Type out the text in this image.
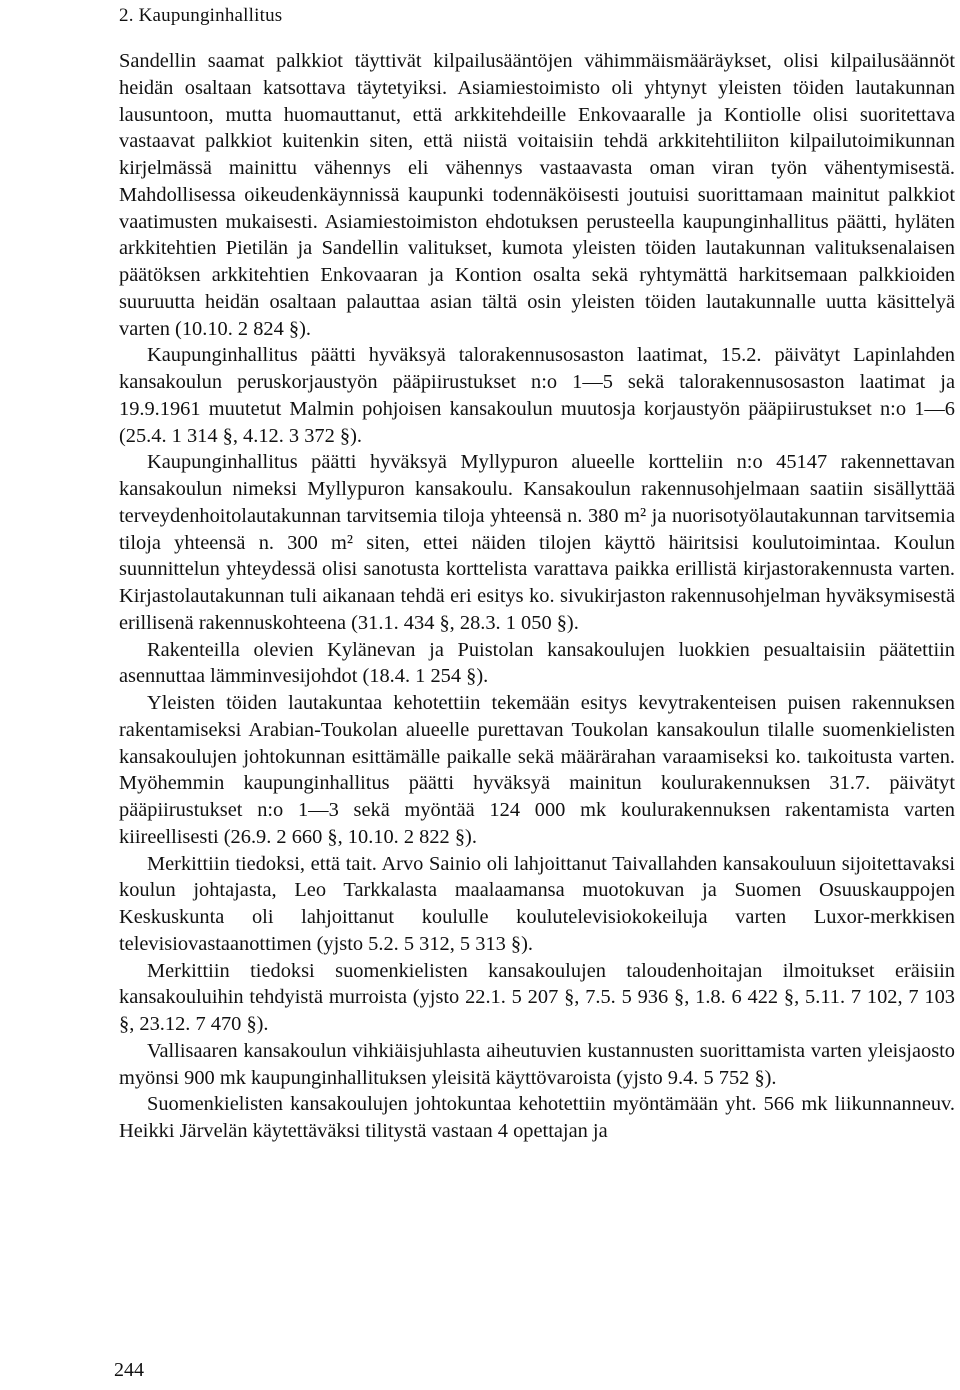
2. Kaupunginhallitus

Sandellin saamat palkkiot täyttivät kilpailusääntöjen vähimmäismääräykset, olisi kilpailusäännöt heidän osaltaan katsottava täytetyiksi. Asiamiestoimisto oli yhtynyt yleisten töiden lautakunnan lausuntoon, mutta huomauttanut, että arkkitehdeille Enkovaaralle ja Kontiolle olisi suoritettava vastaavat palkkiot kuitenkin siten, että niistä voitaisiin tehdä arkkitehtiliiton kilpailutoimikunnan kirjelmässä mainittu vähennys eli vähennys vastaavasta oman viran työn vähentymisestä. Mahdollisessa oikeudenkäynnissä kaupunki todennäköisesti joutuisi suorittamaan mainitut palkkiot vaatimusten mukaisesti. Asiamiestoimiston ehdotuksen perusteella kaupunginhallitus päätti, hyläten arkkitehtien Pietilän ja Sandellin valitukset, kumota yleisten töiden lautakunnan valituksenalaisen päätöksen arkkitehtien Enkovaaran ja Kontion osalta sekä ryhtymättä harkitsemaan palkkioiden suuruutta heidän osaltaan palauttaa asian tältä osin yleisten töiden lautakunnalle uutta käsittelyä varten (10.10. 2 824 §).

Kaupunginhallitus päätti hyväksyä talorakennusosaston laatimat, 15.2. päivätyt Lapinlahden kansakoulun peruskorjaustyön pääpiirustukset n:o 1—5 sekä talorakennusosaston laatimat ja 19.9.1961 muutetut Malmin pohjoisen kansakoulun muutosja korjaustyön pääpiirustukset n:o 1—6 (25.4. 1 314 §, 4.12. 3 372 §).

Kaupunginhallitus päätti hyväksyä Myllypuron alueelle kortteliin n:o 45147 rakennettavan kansakoulun nimeksi Myllypuron kansakoulu. Kansakoulun rakennusohjelmaan saatiin sisällyttää terveydenhoitolautakunnan tarvitsemia tiloja yhteensä n. 380 m² ja nuorisotyölautakunnan tarvitsemia tiloja yhteensä n. 300 m² siten, ettei näiden tilojen käyttö häiritsisi koulutoimintaa. Koulun suunnittelun yhteydessä olisi sanotusta korttelista varattava paikka erillistä kirjastorakennusta varten. Kirjastolautakunnan tuli aikanaan tehdä eri esitys ko. sivukirjaston rakennusohjelman hyväksymisestä erillisenä rakennuskohteena (31.1. 434 §, 28.3. 1 050 §).

Rakenteilla olevien Kylänevan ja Puistolan kansakoulujen luokkien pesualtaisiin päätettiin asennuttaa lämminvesijohdot (18.4. 1 254 §).

Yleisten töiden lautakuntaa kehotettiin tekemään esitys kevytrakenteisen puisen rakennuksen rakentamiseksi Arabian-Toukolan alueelle purettavan Toukolan kansakoulun tilalle suomenkielisten kansakoulujen johtokunnan esittämälle paikalle sekä määrärahan varaamiseksi ko. taıkoitusta varten. Myöhemmin kaupunginhallitus päätti hyväksyä mainitun koulurakennuksen 31.7. päivätyt pääpiirustukset n:o 1—3 sekä myöntää 124 000 mk koulurakennuksen rakentamista varten kiireellisesti (26.9. 2 660 §, 10.10. 2 822 §).

Merkittiin tiedoksi, että tait. Arvo Sainio oli lahjoittanut Taivallahden kansakouluun sijoitettavaksi koulun johtajasta, Leo Tarkkalasta maalaamansa muotokuvan ja Suomen Osuuskauppojen Keskuskunta oli lahjoittanut koululle koulutelevisiokokeiluja varten Luxor-merkkisen televisiovastaanottimen (yjsto 5.2. 5 312, 5 313 §).

Merkittiin tiedoksi suomenkielisten kansakoulujen taloudenhoitajan ilmoitukset eräisiin kansakouluihin tehdyistä murroista (yjsto 22.1. 5 207 §, 7.5. 5 936 §, 1.8. 6 422 §, 5.11. 7 102, 7 103 §, 23.12. 7 470 §).

Vallisaaren kansakoulun vihkiäisjuhlasta aiheutuvien kustannusten suorittamista varten yleisjaosto myönsi 900 mk kaupunginhallituksen yleisitä käyttövaroista (yjsto 9.4. 5 752 §).

Suomenkielisten kansakoulujen johtokuntaa kehotettiin myöntämään yht. 566 mk liikunnanneuv. Heikki Järvelän käytettäväksi tilitystä vastaan 4 opettajan ja

244
